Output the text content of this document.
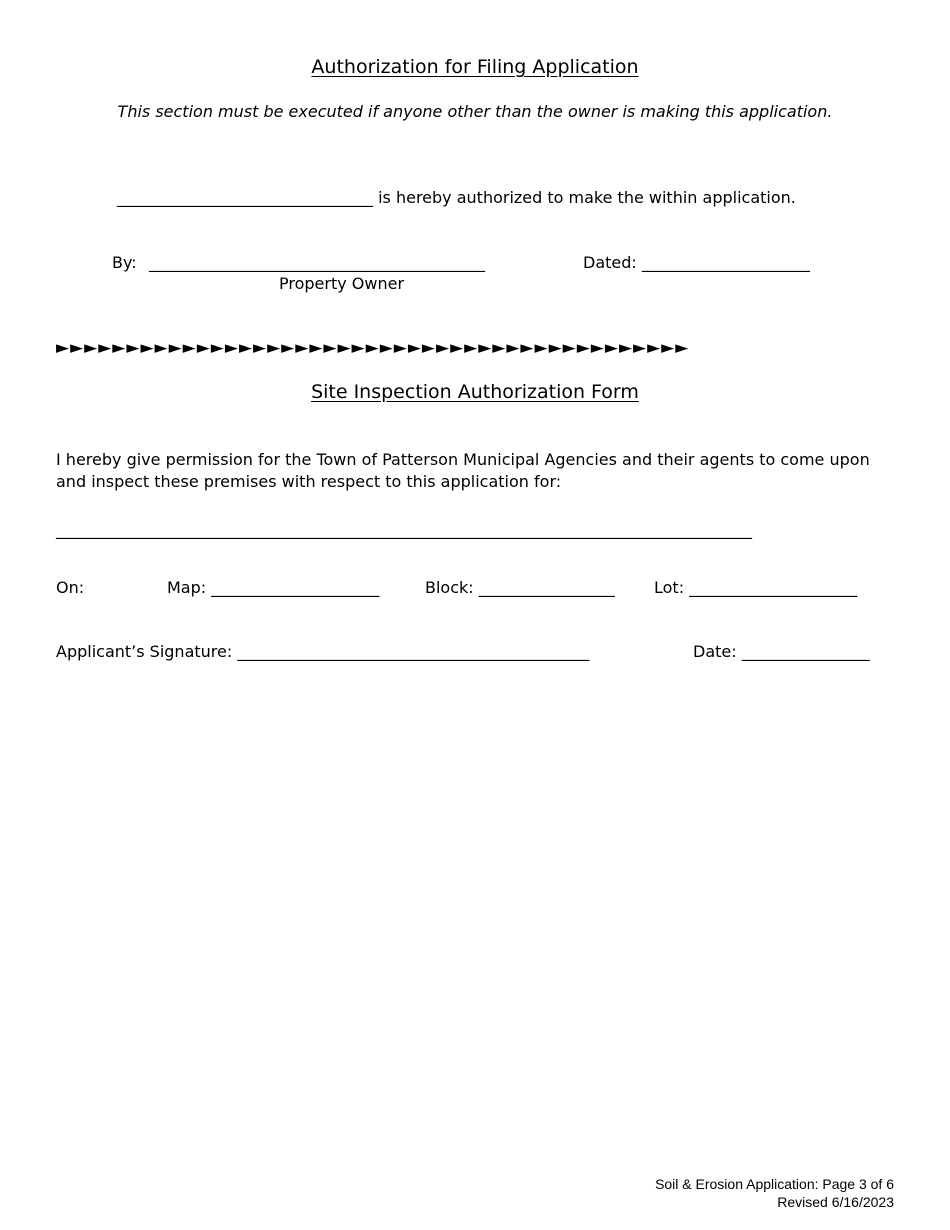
Authorization for Filing Application
This section must be executed if anyone other than the owner is making this application.
________________________________ is hereby authorized to make the within application.
By: __________________________________________	Dated: _____________________
Property Owner
►►►►►►►►►►►►►►►►►►►►►►►►►►►►►►►►►►►►►►►►►►►►►
Site Inspection Authorization Form
I hereby give permission for the Town of Patterson Municipal Agencies and their agents to come upon and inspect these premises with respect to this application for:
_______________________________________________________________________________________
On:	Map: _____________________	Block: _________________ Lot: _____________________
Applicant’s Signature: ____________________________________________	Date: ________________
Soil & Erosion Application: Page 3 of 6
Revised 6/16/2023
